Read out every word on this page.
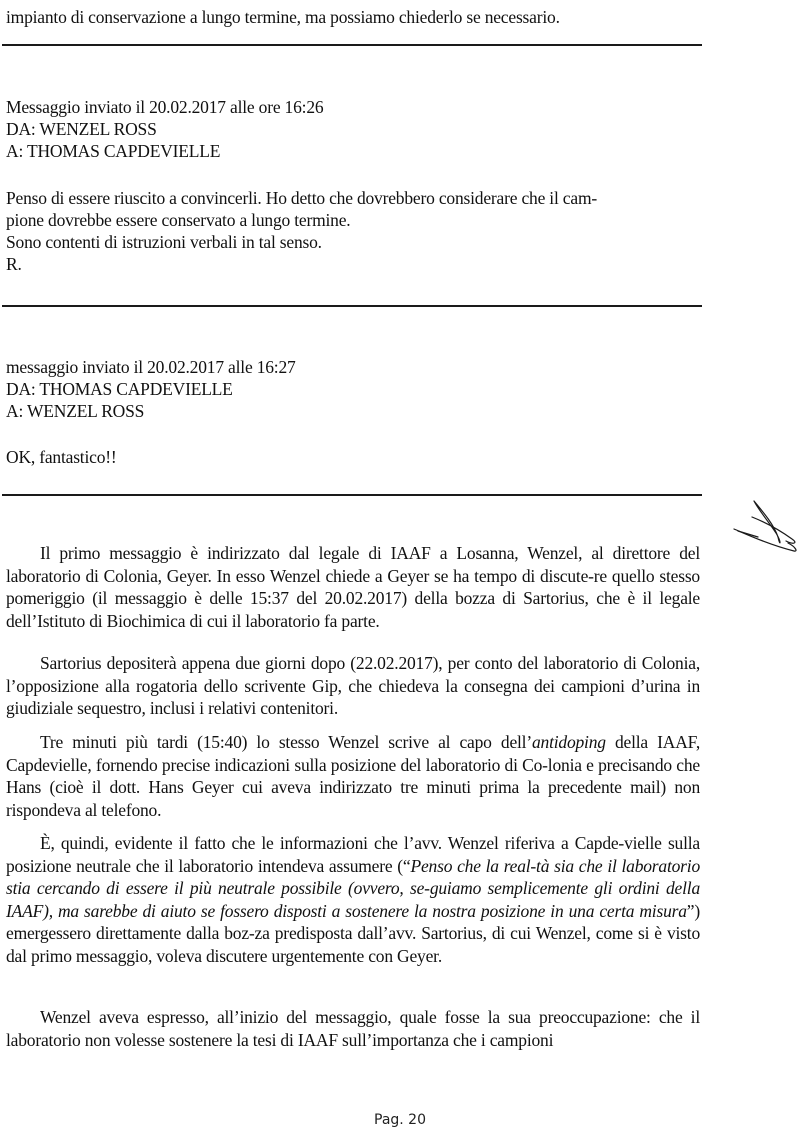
impianto di conservazione a lungo termine, ma possiamo chiederlo se necessario.
Messaggio inviato il 20.02.2017 alle ore 16:26
DA: WENZEL ROSS
A: THOMAS CAPDEVIELLE
Penso di essere riuscito a convincerli. Ho detto che dovrebbero considerare che il cam-
pione dovrebbe essere conservato a lungo termine.
Sono contenti di istruzioni verbali in tal senso.
R.
messaggio inviato il 20.02.2017 alle 16:27
DA: THOMAS CAPDEVIELLE
A: WENZEL ROSS
OK, fantastico!!
Il primo messaggio è indirizzato dal legale di IAAF a Losanna, Wenzel, al direttore del laboratorio di Colonia, Geyer. In esso Wenzel chiede a Geyer se ha tempo di discute-re quello stesso pomeriggio (il messaggio è delle 15:37 del 20.02.2017) della bozza di Sartorius, che è il legale dell’Istituto di Biochimica di cui il laboratorio fa parte.
Sartorius depositerà appena due giorni dopo (22.02.2017), per conto del laboratorio di Colonia, l’opposizione alla rogatoria dello scrivente Gip, che chiedeva la consegna dei campioni d’urina in giudiziale sequestro, inclusi i relativi contenitori.
Tre minuti più tardi (15:40) lo stesso Wenzel scrive al capo dell’antidoping della IAAF, Capdevielle, fornendo precise indicazioni sulla posizione del laboratorio di Co-lonia e precisando che Hans (cioè il dott. Hans Geyer cui aveva indirizzato tre minuti prima la precedente mail) non rispondeva al telefono.
È, quindi, evidente il fatto che le informazioni che l’avv. Wenzel riferiva a Capde-vielle sulla posizione neutrale che il laboratorio intendeva assumere (“Penso che la real-tà sia che il laboratorio stia cercando di essere il più neutrale possibile (ovvero, se-guiamo semplicemente gli ordini della IAAF), ma sarebbe di aiuto se fossero disposti a sostenere la nostra posizione in una certa misura”) emergessero direttamente dalla boz-za predisposta dall’avv. Sartorius, di cui Wenzel, come si è visto dal primo messaggio, voleva discutere urgentemente con Geyer.
Wenzel aveva espresso, all’inizio del messaggio, quale fosse la sua preoccupazione: che il laboratorio non volesse sostenere la tesi di IAAF sull’importanza che i campioni
Pag. 20
